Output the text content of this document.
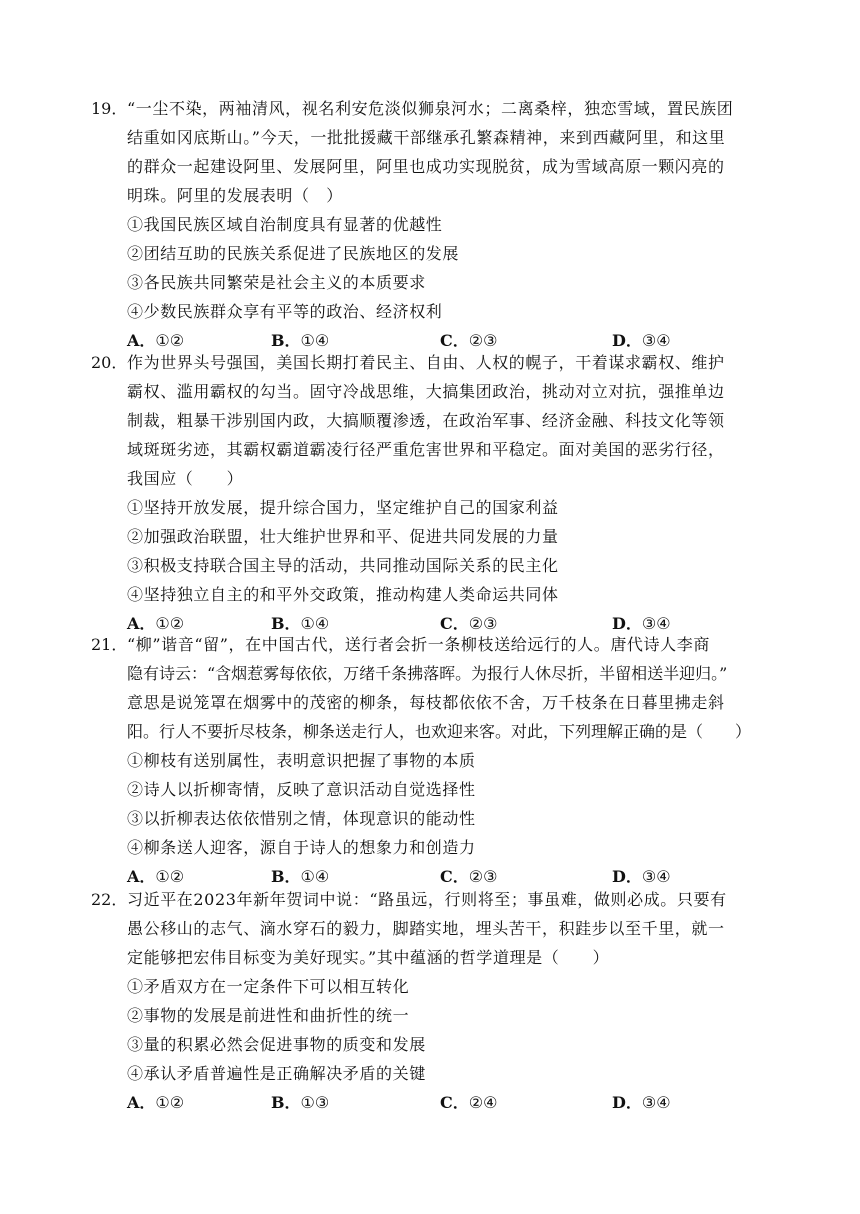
19． “一尘不染，两袖清风，视名利安危淡似狮泉河水；二离桑梓，独恋雪域，置民族团
结重如冈底斯山。”今天，一批批援藏干部继承孔繁森精神，来到西藏阿里，和这里
的群众一起建设阿里、发展阿里，阿里也成功实现脱贫，成为雪域高原一颗闪亮的
明珠。阿里的发展表明（　）
①我国民族区域自治制度具有显著的优越性
②团结互助的民族关系促进了民族地区的发展
③各民族共同繁荣是社会主义的本质要求
④少数民族群众享有平等的政治、经济权利
A．①②	B．①④	C．②③	D．③④
20． 作为世界头号强国，美国长期打着民主、自由、人权的幌子，干着谋求霸权、维护
霸权、滥用霸权的勾当。固守冷战思维，大搞集团政治，挑动对立对抗，强推单边
制裁，粗暴干涉别国内政，大搞顺覆渗透，在政治军事、经济金融、科技文化等领
域斑斑劣迹，其霸权霸道霸凌行径严重危害世界和平稳定。面对美国的恶劣行径，
我国应（　　）
①坚持开放发展，提升综合国力，坚定维护自己的国家利益
②加强政治联盟，壮大维护世界和平、促进共同发展的力量
③积极支持联合国主导的活动，共同推动国际关系的民主化
④坚持独立自主的和平外交政策，推动构建人类命运共同体
A．①②	B．①④	C．②③	D．③④
21． “柳”谐音“留”，在中国古代，送行者会折一条柳枝送给远行的人。唐代诗人李商
隐有诗云：“含烟惹雾每依依，万绪千条拂落晖。为报行人休尽折，半留相送半迎归。”
意思是说笼罩在烟雾中的茂密的柳条，每枝都依依不舍，万千枝条在日暮里拂走斜
阳。行人不要折尽枝条，柳条送走行人，也欢迎来客。对此，下列理解正确的是（　　）
①柳枝有送别属性，表明意识把握了事物的本质
②诗人以折柳寄情，反映了意识活动自觉选择性
③以折柳表达依依惜别之情，体现意识的能动性
④柳条送人迎客，源自于诗人的想象力和创造力
A．①②	B．①④	C．②③	D．③④
22． 习近平在2023年新年贺词中说：“路虽远，行则将至；事虽难，做则必成。只要有
愚公移山的志气、滴水穿石的毅力，脚踏实地，埋头苦干，积跬步以至千里，就一
定能够把宏伟目标变为美好现实。”其中蕴涵的哲学道理是（　　）
①矛盾双方在一定条件下可以相互转化
②事物的发展是前进性和曲折性的统一
③量的积累必然会促进事物的质变和发展
④承认矛盾普遍性是正确解决矛盾的关键
A．①②	B．①③	C．②④	D．③④
